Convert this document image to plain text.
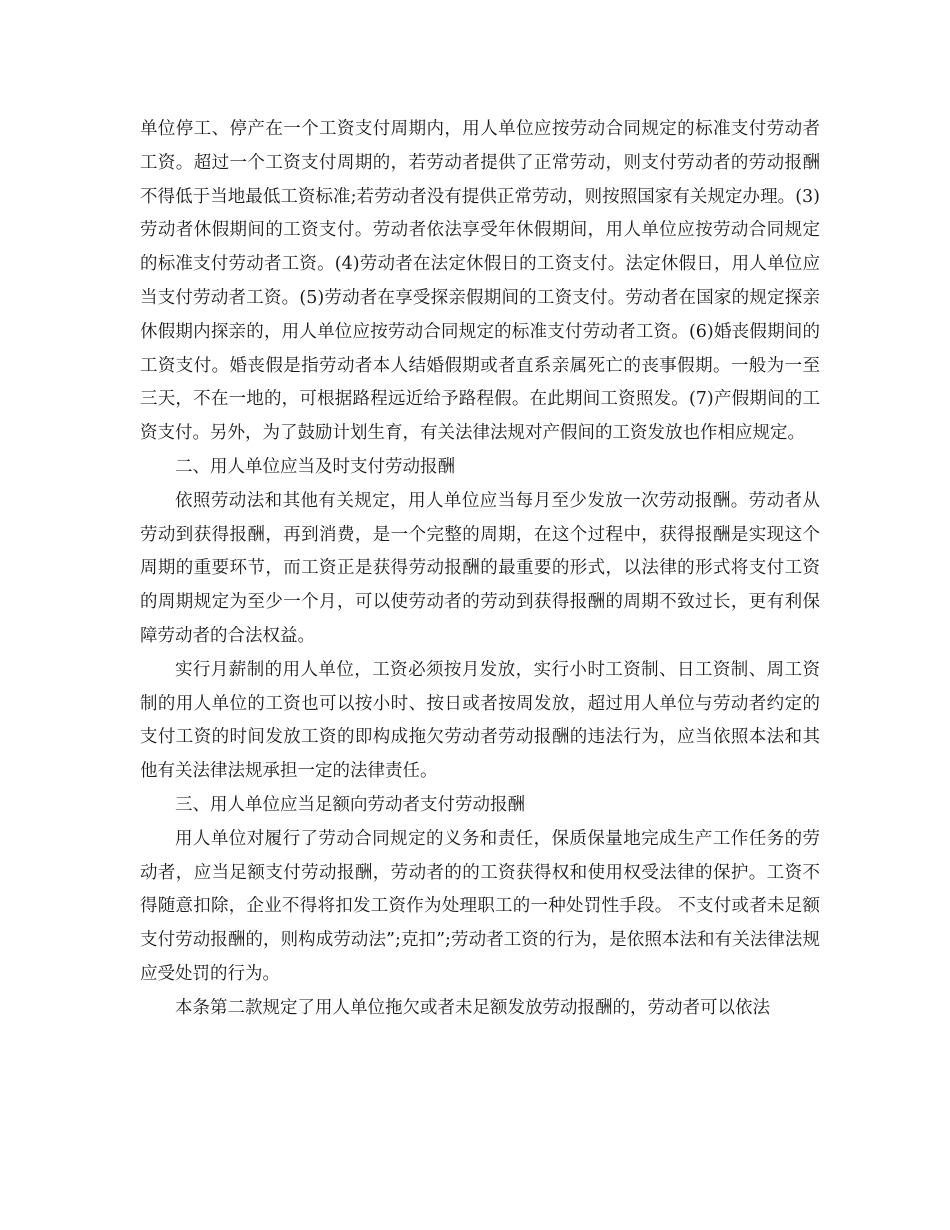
单位停工、停产在一个工资支付周期内，用人单位应按劳动合同规定的标准支付劳动者工资。超过一个工资支付周期的，若劳动者提供了正常劳动，则支付劳动者的劳动报酬不得低于当地最低工资标准;若劳动者没有提供正常劳动，则按照国家有关规定办理。(3)劳动者休假期间的工资支付。劳动者依法享受年休假期间，用人单位应按劳动合同规定的标准支付劳动者工资。(4)劳动者在法定休假日的工资支付。法定休假日，用人单位应当支付劳动者工资。(5)劳动者在享受探亲假期间的工资支付。劳动者在国家的规定探亲休假期内探亲的，用人单位应按劳动合同规定的标准支付劳动者工资。(6)婚丧假期间的工资支付。婚丧假是指劳动者本人结婚假期或者直系亲属死亡的丧事假期。一般为一至三天，不在一地的，可根据路程远近给予路程假。在此期间工资照发。(7)产假期间的工资支付。另外，为了鼓励计划生育，有关法律法规对产假间的工资发放也作相应规定。

二、用人单位应当及时支付劳动报酬

依照劳动法和其他有关规定，用人单位应当每月至少发放一次劳动报酬。劳动者从劳动到获得报酬，再到消费，是一个完整的周期，在这个过程中，获得报酬是实现这个周期的重要环节，而工资正是获得劳动报酬的最重要的形式，以法律的形式将支付工资的周期规定为至少一个月，可以使劳动者的劳动到获得报酬的周期不致过长，更有利保障劳动者的合法权益。

实行月薪制的用人单位，工资必须按月发放，实行小时工资制、日工资制、周工资制的用人单位的工资也可以按小时、按日或者按周发放，超过用人单位与劳动者约定的支付工资的时间发放工资的即构成拖欠劳动者劳动报酬的违法行为，应当依照本法和其他有关法律法规承担一定的法律责任。

三、用人单位应当足额向劳动者支付劳动报酬

用人单位对履行了劳动合同规定的义务和责任，保质保量地完成生产工作任务的劳动者，应当足额支付劳动报酬，劳动者的的工资获得权和使用权受法律的保护。工资不得随意扣除，企业不得将扣发工资作为处理职工的一种处罚性手段。 不支付或者未足额支付劳动报酬的，则构成劳动法”;克扣”;劳动者工资的行为，是依照本法和有关法律法规应受处罚的行为。

本条第二款规定了用人单位拖欠或者未足额发放劳动报酬的，劳动者可以依法
